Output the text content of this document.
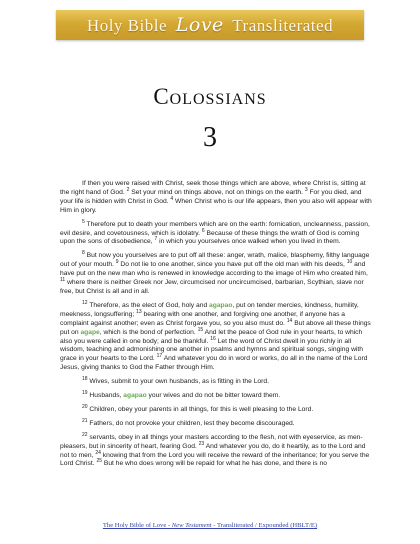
Holy Bible Love Transliterated
Colossians
3

If then you were raised with Christ, seek those things which are above, where Christ is, sitting at the right hand of God. $^2$ Set your mind on things above, not on things on the earth. $^3$ For you died, and your life is hidden with Christ in God. $^4$ When Christ who is our life appears, then you also will appear with Him in glory.

$^5$ Therefore put to death your members which are on the earth: fornication, uncleanness, passion, evil desire, and covetousness, which is idolatry. $^6$ Because of these things the wrath of God is coming upon the sons of disobedience, $^7$ in which you yourselves once walked when you lived in them.

$^8$ But now you yourselves are to put off all these: anger, wrath, malice, blasphemy, filthy language out of your mouth. $^9$ Do not lie to one another, since you have put off the old man with his deeds, $^{10}$ and have put on the new man who is renewed in knowledge according to the image of Him who created him, $^{11}$ where there is neither Greek nor Jew, circumcised nor uncircumcised, barbarian, Scythian, slave nor free, but Christ is all and in all.

$^{12}$ Therefore, as the elect of God, holy and agapao, put on tender mercies, kindness, humility, meekness, longsuffering; $^{13}$ bearing with one another, and forgiving one another, if anyone has a complaint against another; even as Christ forgave you, so you also must do. $^{14}$ But above all these things put on agape, which is the bond of perfection. $^{15}$ And let the peace of God rule in your hearts, to which also you were called in one body; and be thankful. $^{16}$ Let the word of Christ dwell in you richly in all wisdom, teaching and admonishing one another in psalms and hymns and spiritual songs, singing with grace in your hearts to the Lord. $^{17}$ And whatever you do in word or works, do all in the name of the Lord Jesus, giving thanks to God the Father through Him.

$^{18}$ Wives, submit to your own husbands, as is fitting in the Lord.

$^{19}$ Husbands, agapao your wives and do not be bitter toward them.

$^{20}$ Children, obey your parents in all things, for this is well pleasing to the Lord.

$^{21}$ Fathers, do not provoke your children, lest they become discouraged.

$^{22}$ servants, obey in all things your masters according to the flesh, not with eyeservice, as men-pleasers, but in sincerity of heart, fearing God. $^{23}$ And whatever you do, do it heartily, as to the Lord and not to men, $^{24}$ knowing that from the Lord you will receive the reward of the inheritance; for you serve the Lord Christ. $^{25}$ But he who does wrong will be repaid for what he has done, and there is no

The Holy Bible of Love - New Testament - Transliterated / Expounded (HBLT/E)
